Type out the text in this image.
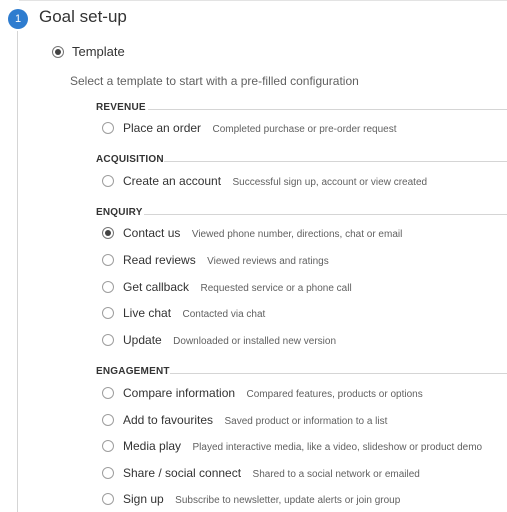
1	Goal set-up
Template
Select a template to start with a pre-filled configuration
REVENUE
Place an order Completed purchase or pre-order request
ACQUISITION
Create an account Successful sign up, account or view created
ENQUIRY
Contact us Viewed phone number, directions, chat or email
Read reviews Viewed reviews and ratings
Get callback Requested service or a phone call
Live chat Contacted via chat
Update Downloaded or installed new version
ENGAGEMENT
Compare information Compared features, products or options
Add to favourites Saved product or information to a list
Media play Played interactive media, like a video, slideshow or product demo
Share / social connect Shared to a social network or emailed
Sign up Subscribe to newsletter, update alerts or join group
